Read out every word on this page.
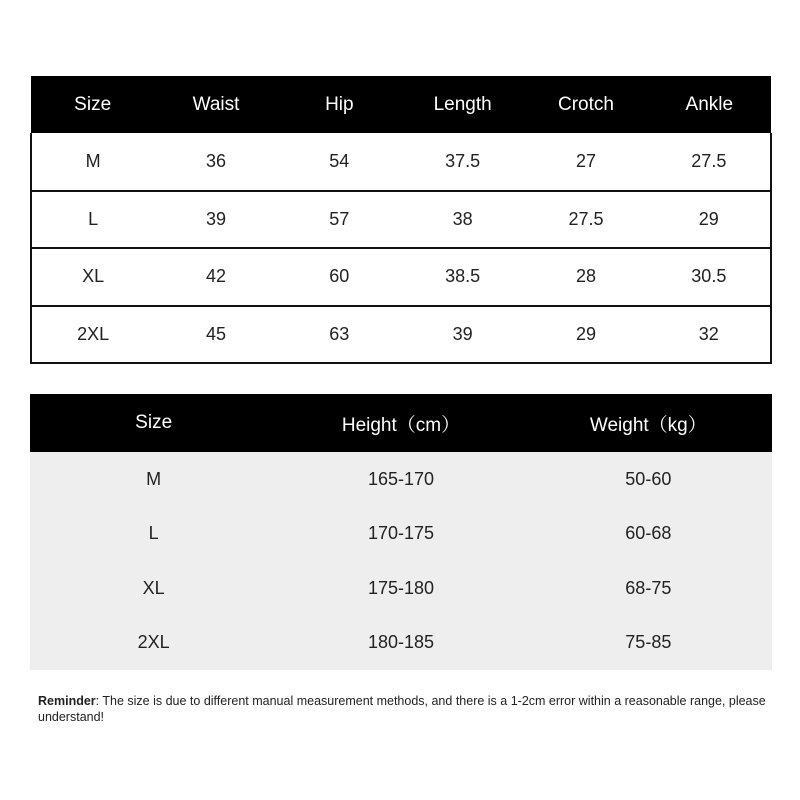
Size	Waist	Hip	Length	Crotch	Ankle
M	36	54	37.5	27	27.5
L	39	57	38	27.5	29
XL	42	60	38.5	28	30.5
2XL	45	63	39	29	32
Size	Height（cm）	Weight（kg）
M	165-170	50-60
L	170-175	60-68
XL	175-180	68-75
2XL	180-185	75-85

Reminder: The size is due to different manual measurement methods, and there is a 1-2cm error within a reasonable range, please understand!
